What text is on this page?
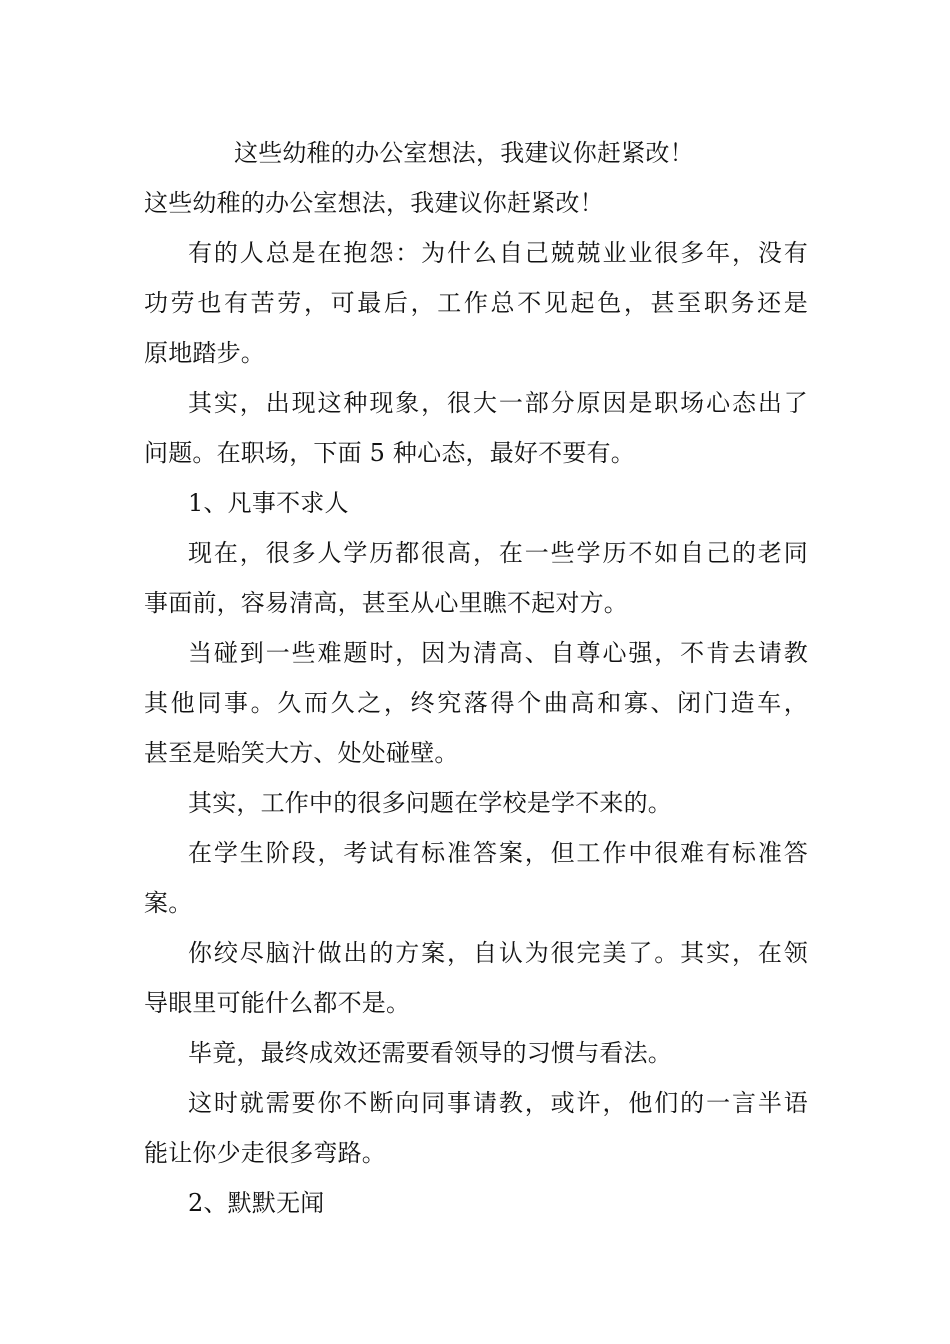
这些幼稚的办公室想法，我建议你赶紧改！
这些幼稚的办公室想法，我建议你赶紧改！
有的人总是在抱怨：为什么自己兢兢业业很多年，没有
功劳也有苦劳，可最后，工作总不见起色，甚至职务还是
原地踏步。
其实，出现这种现象，很大一部分原因是职场心态出了
问题。在职场，下面 5 种心态，最好不要有。
1、凡事不求人
现在，很多人学历都很高，在一些学历不如自己的老同
事面前，容易清高，甚至从心里瞧不起对方。
当碰到一些难题时，因为清高、自尊心强，不肯去请教
其他同事。久而久之，终究落得个曲高和寡、闭门造车，
甚至是贻笑大方、处处碰壁。
其实，工作中的很多问题在学校是学不来的。
在学生阶段，考试有标准答案，但工作中很难有标准答
案。
你绞尽脑汁做出的方案，自认为很完美了。其实，在领
导眼里可能什么都不是。
毕竟，最终成效还需要看领导的习惯与看法。
这时就需要你不断向同事请教，或许，他们的一言半语
能让你少走很多弯路。
2、默默无闻
